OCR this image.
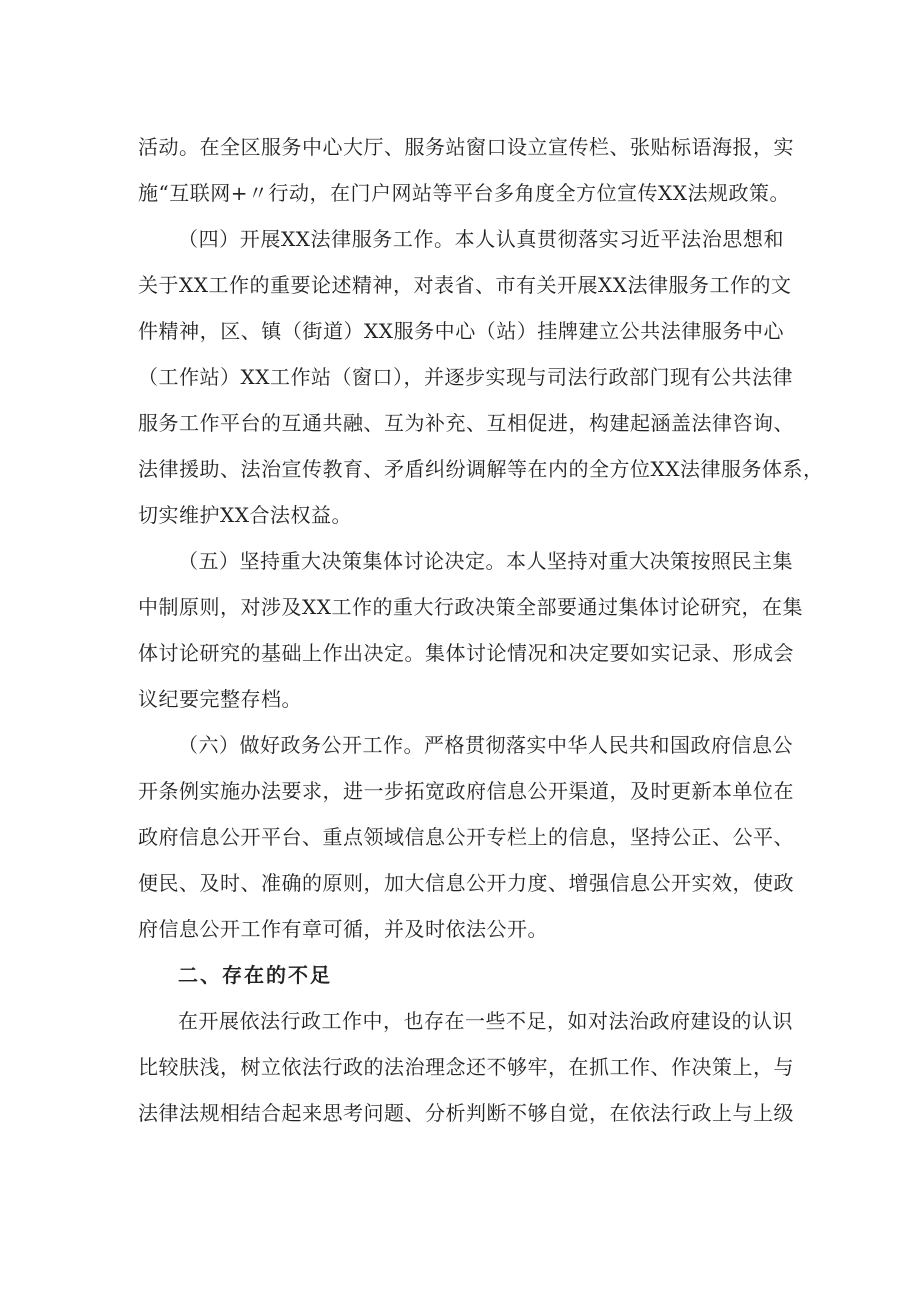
活动。在全区服务中心大厅、服务站窗口设立宣传栏、张贴标语海报，实
施“互联网+〃行动，在门户网站等平台多角度全方位宣传XX法规政策。
（四）开展XX法律服务工作。本人认真贯彻落实习近平法治思想和
关于XX工作的重要论述精神，对表省、市有关开展XX法律服务工作的文
件精神，区、镇（街道）XX服务中心（站）挂牌建立公共法律服务中心
（工作站）XX工作站（窗口），并逐步实现与司法行政部门现有公共法律
服务工作平台的互通共融、互为补充、互相促进，构建起涵盖法律咨询、
法律援助、法治宣传教育、矛盾纠纷调解等在内的全方位XX法律服务体系，
切实维护XX合法权益。
（五）坚持重大决策集体讨论决定。本人坚持对重大决策按照民主集
中制原则，对涉及XX工作的重大行政决策全部要通过集体讨论研究，在集
体讨论研究的基础上作出决定。集体讨论情况和决定要如实记录、形成会
议纪要完整存档。
（六）做好政务公开工作。严格贯彻落实中华人民共和国政府信息公
开条例实施办法要求，进一步拓宽政府信息公开渠道，及时更新本单位在
政府信息公开平台、重点领域信息公开专栏上的信息，坚持公正、公平、
便民、及时、准确的原则，加大信息公开力度、增强信息公开实效，使政
府信息公开工作有章可循，并及时依法公开。
二、存在的不足
在开展依法行政工作中，也存在一些不足，如对法治政府建设的认识
比较肤浅，树立依法行政的法治理念还不够牢，在抓工作、作决策上，与
法律法规相结合起来思考问题、分析判断不够自觉，在依法行政上与上级
